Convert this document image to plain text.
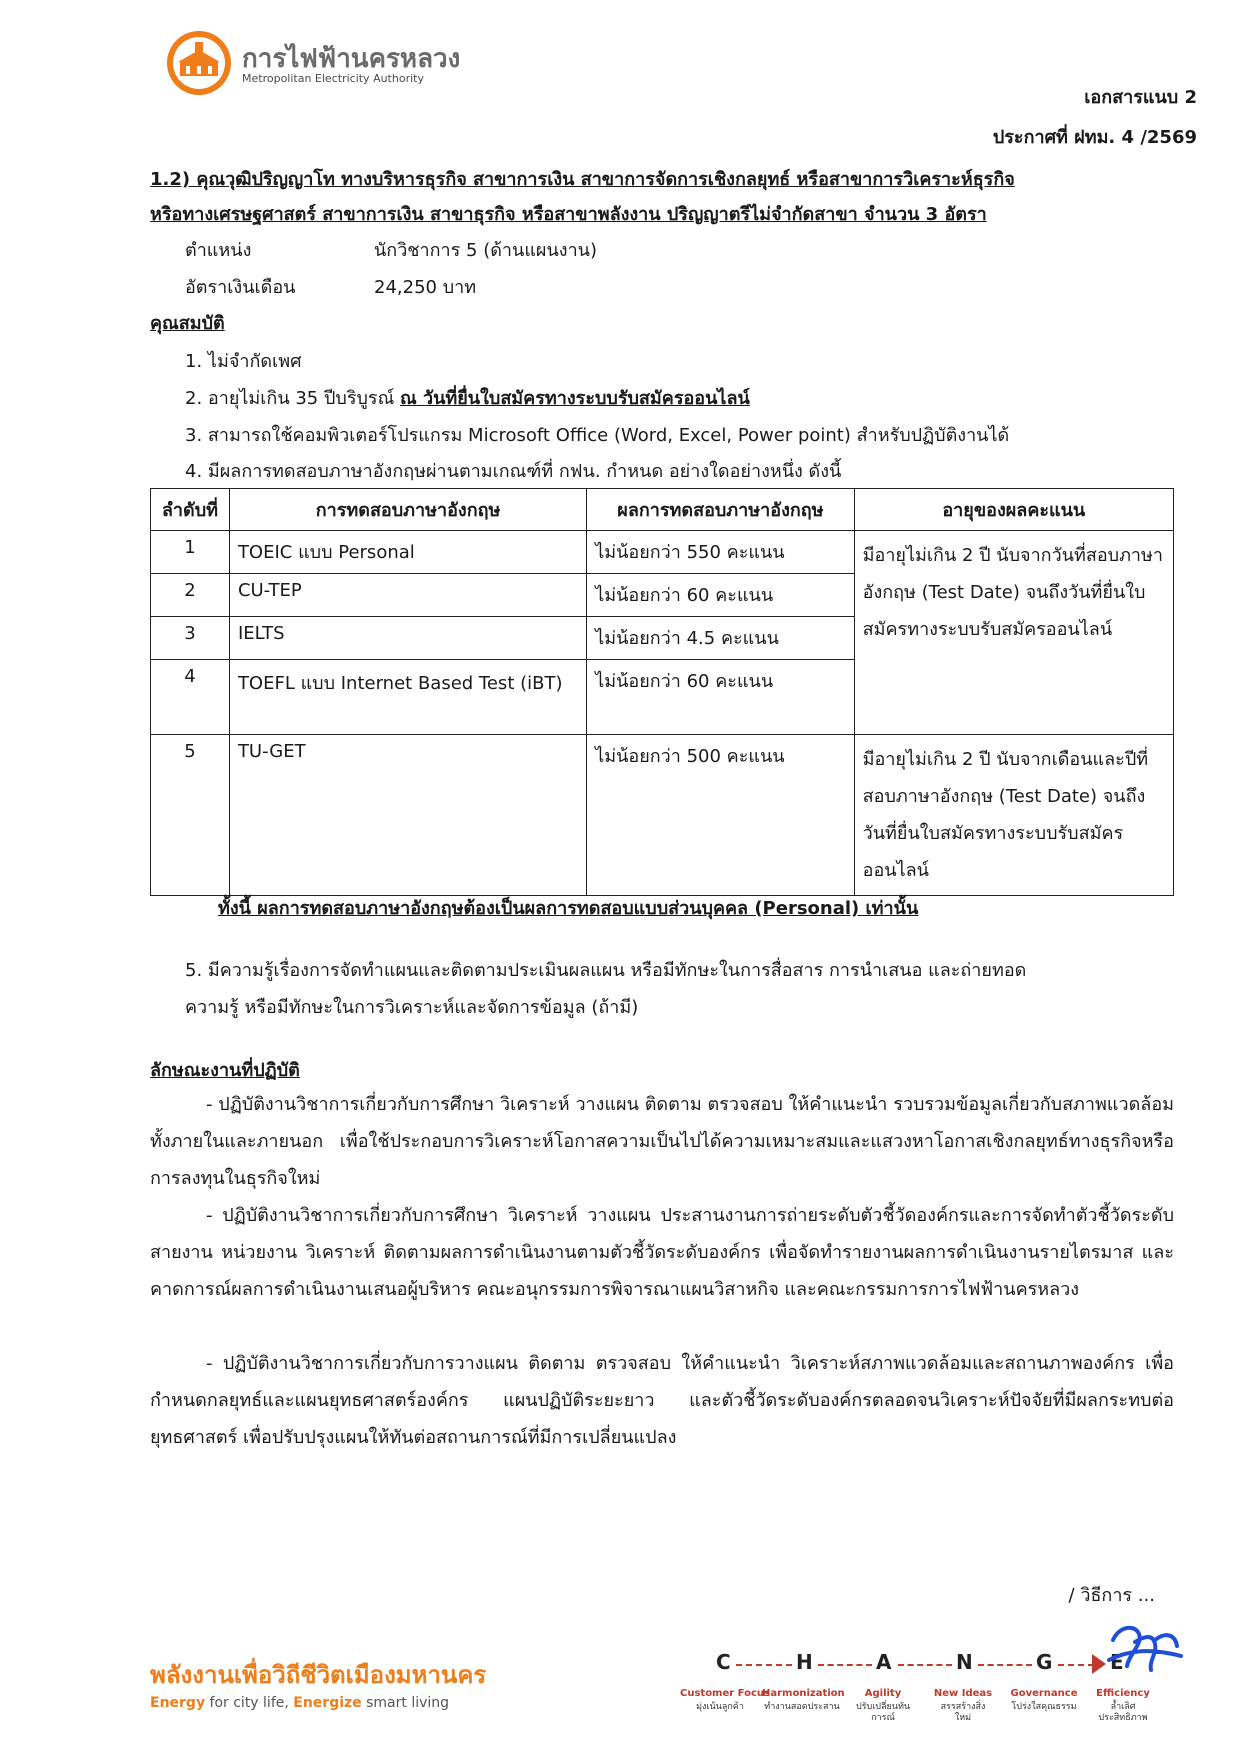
การไฟฟ้านครหลวง
Metropolitan Electricity Authority
เอกสารแนบ 2
ประกาศที่ ฝทม. 4 /2569
1.2) คุณวุฒิปริญญาโท ทางบริหารธุรกิจ สาขาการเงิน สาขาการจัดการเชิงกลยุทธ์ หรือสาขาการวิเคราะห์ธุรกิจ
หริอทางเศรษฐศาสตร์ สาขาการเงิน สาขาธุรกิจ หรือสาขาพลังงาน ปริญญาตรีไม่จำกัดสาขา จำนวน 3 อัตรา
ตำแหน่ง	นักวิชาการ 5 (ด้านแผนงาน)
อัตราเงินเดือน	24,250 บาท
คุณสมบัติ
1. ไม่จำกัดเพศ
2. อายุไม่เกิน 35 ปีบริบูรณ์ ณ วันที่ยื่นใบสมัครทางระบบรับสมัครออนไลน์
3. สามารถใช้คอมพิวเตอร์โปรแกรม Microsoft Office (Word, Excel, Power point) สำหรับปฏิบัติงานได้
4. มีผลการทดสอบภาษาอังกฤษผ่านตามเกณฑ์ที่ กฟน. กำหนด อย่างใดอย่างหนึ่ง ดังนี้
ลำดับที่	การทดสอบภาษาอังกฤษ	ผลการทดสอบภาษาอังกฤษ	อายุของผลคะแนน
1	TOEIC แบบ Personal	ไม่น้อยกว่า 550 คะแนน	มีอายุไม่เกิน 2 ปี นับจากวันที่สอบภาษาอังกฤษ (Test Date) จนถึงวันที่ยื่นใบสมัครทางระบบรับสมัครออนไลน์
2	CU-TEP	ไม่น้อยกว่า 60 คะแนน	
3	IELTS	ไม่น้อยกว่า 4.5 คะแนน	
4	TOEFL แบบ Internet Based Test (iBT)	ไม่น้อยกว่า 60 คะแนน	
5	TU-GET	ไม่น้อยกว่า 500 คะแนน	มีอายุไม่เกิน 2 ปี นับจากเดือนและปีที่สอบภาษาอังกฤษ (Test Date) จนถึงวันที่ยื่นใบสมัครทางระบบรับสมัครออนไลน์
ทั้งนี้ ผลการทดสอบภาษาอังกฤษต้องเป็นผลการทดสอบแบบส่วนบุคคล (Personal) เท่านั้น
5. มีความรู้เรื่องการจัดทำแผนและติดตามประเมินผลแผน หรือมีทักษะในการสื่อสาร การนำเสนอ และถ่ายทอด
ความรู้ หรือมีทักษะในการวิเคราะห์และจัดการข้อมูล (ถ้ามี)
ลักษณะงานที่ปฏิบัติ
- ปฏิบัติงานวิชาการเกี่ยวกับการศึกษา วิเคราะห์ วางแผน ติดตาม ตรวจสอบ ให้คำแนะนำ รวบรวมข้อมูลเกี่ยวกับสภาพแวดล้อมทั้งภายในและภายนอก เพื่อใช้ประกอบการวิเคราะห์โอกาสความเป็นไปได้ความเหมาะสมและแสวงหาโอกาสเชิงกลยุทธ์ทางธุรกิจหรือการลงทุนในธุรกิจใหม่
- ปฏิบัติงานวิชาการเกี่ยวกับการศึกษา วิเคราะห์ วางแผน ประสานงานการถ่ายระดับตัวชี้วัดองค์กรและการจัดทำตัวชี้วัดระดับ สายงาน หน่วยงาน วิเคราะห์ ติดตามผลการดำเนินงานตามตัวชี้วัดระดับองค์กร เพื่อจัดทำรายงานผลการดำเนินงานรายไตรมาส และคาดการณ์ผลการดำเนินงานเสนอผู้บริหาร คณะอนุกรรมการพิจารณาแผนวิสาหกิจ และคณะกรรมการการไฟฟ้านครหลวง
- ปฏิบัติงานวิชาการเกี่ยวกับการวางแผน ติดตาม ตรวจสอบ ให้คำแนะนำ วิเคราะห์สภาพแวดล้อมและสถานภาพองค์กร เพื่อกำหนดกลยุทธ์และแผนยุทธศาสตร์องค์กร แผนปฏิบัติระยะยาว และตัวชี้วัดระดับองค์กรตลอดจนวิเคราะห์ปัจจัยที่มีผลกระทบต่อยุทธศาสตร์ เพื่อปรับปรุงแผนให้ทันต่อสถานการณ์ที่มีการเปลี่ยนแปลง
/ วิธีการ ...
พลังงานเพื่อวิถีชีวิตเมืองมหานคร
Energy for city life, Energize smart living
C	H	A	N	G	E
Customer Focus
Harmonization	Agility	New Ideas	Governance	Efficiency
มุ่งเน้นลูกค้า	ทำงานสอดประสาน ปรับเปลี่ยนทันการณ์
สรรสร้างสิ่งใหม่
โปร่งใสคุณธรรม	ล้ำเลิศประสิทธิภาพ
